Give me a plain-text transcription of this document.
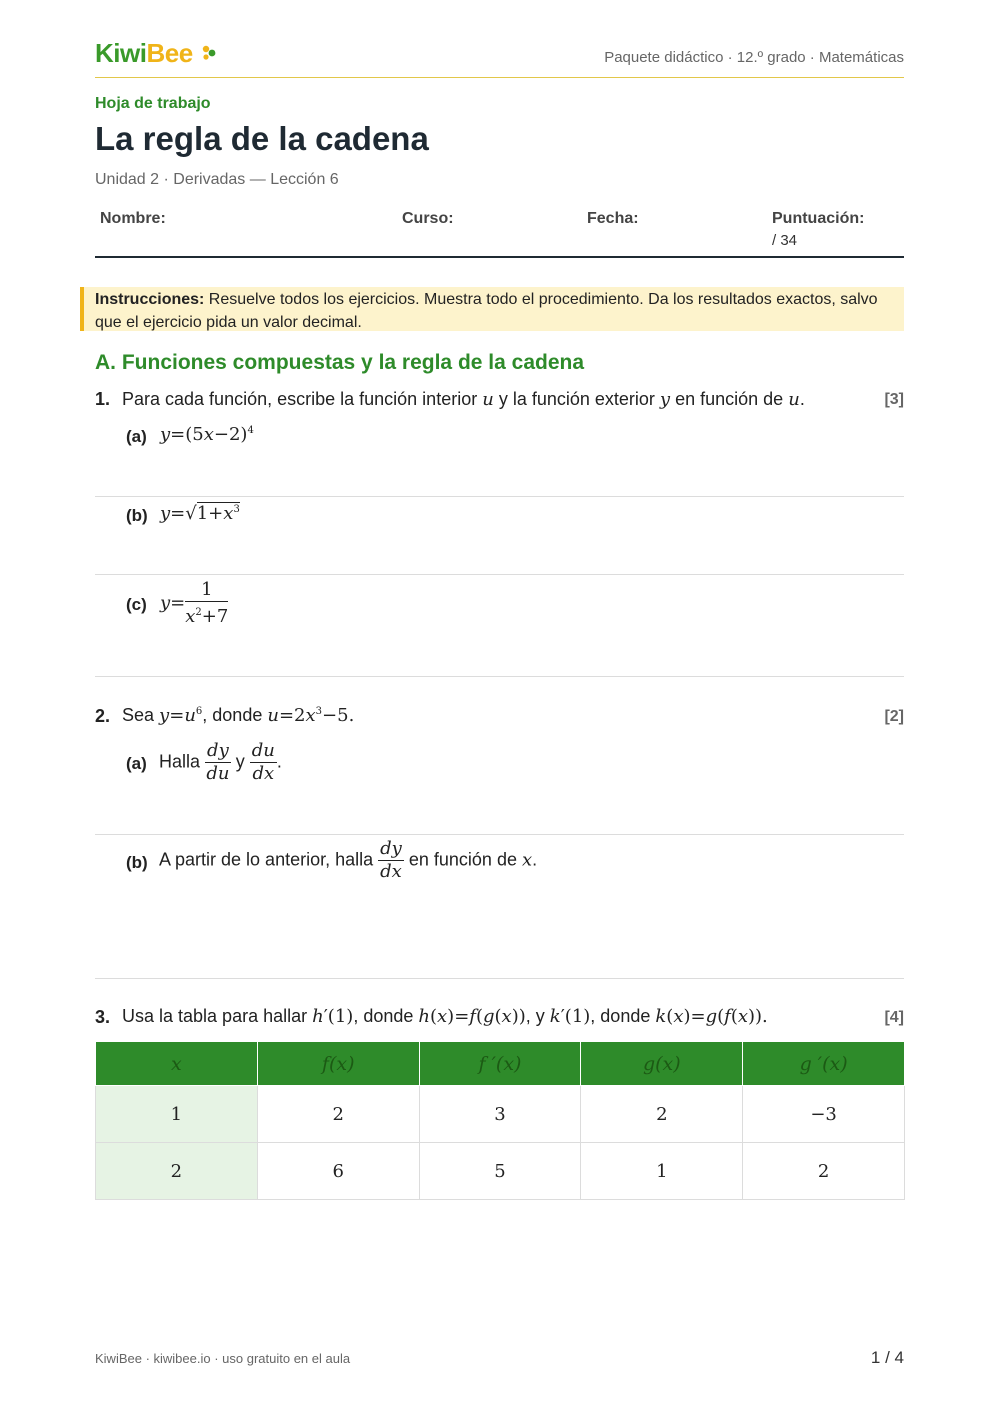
KiwiBee	Paquete didáctico · 12.º grado · Matemáticas
Hoja de trabajo
La regla de la cadena
Unidad 2 · Derivadas — Lección 6
Nombre:	Curso:	Fecha:	Puntuación:
/ 34
Instrucciones: Resuelve todos los ejercicios. Muestra todo el procedimiento. Da los resultados exactos, salvo que el ejercicio pida un valor decimal.
A. Funciones compuestas y la regla de la cadena
1. Para cada función, escribe la función interior u y la función exterior y en función de u.	[3]
(a) $y=(5x-2)^4$
(b) $y=√1+x^3$
(c) $y= \frac{1}{x^2+7}$
2. Sea $y=u^6$, donde $u=2x^3-5$.	[2]
(a) Halla $\frac{dy}{du}$ y $\frac{du}{dx}$ .
(b) A partir de lo anterior, halla $\frac{dy}{dx}$ en función de x.
3. Usa la tabla para hallar h′(1), donde h(x)=f(g(x)), y k′(1), donde k(x)=g(f(x)).	[4]
x	f(x)	f ′(x)	g(x)	g ′(x)
1	2	3	2	−3
2	6	5	1	2
KiwiBee · kiwibee.io · uso gratuito en el aula	1 / 4
